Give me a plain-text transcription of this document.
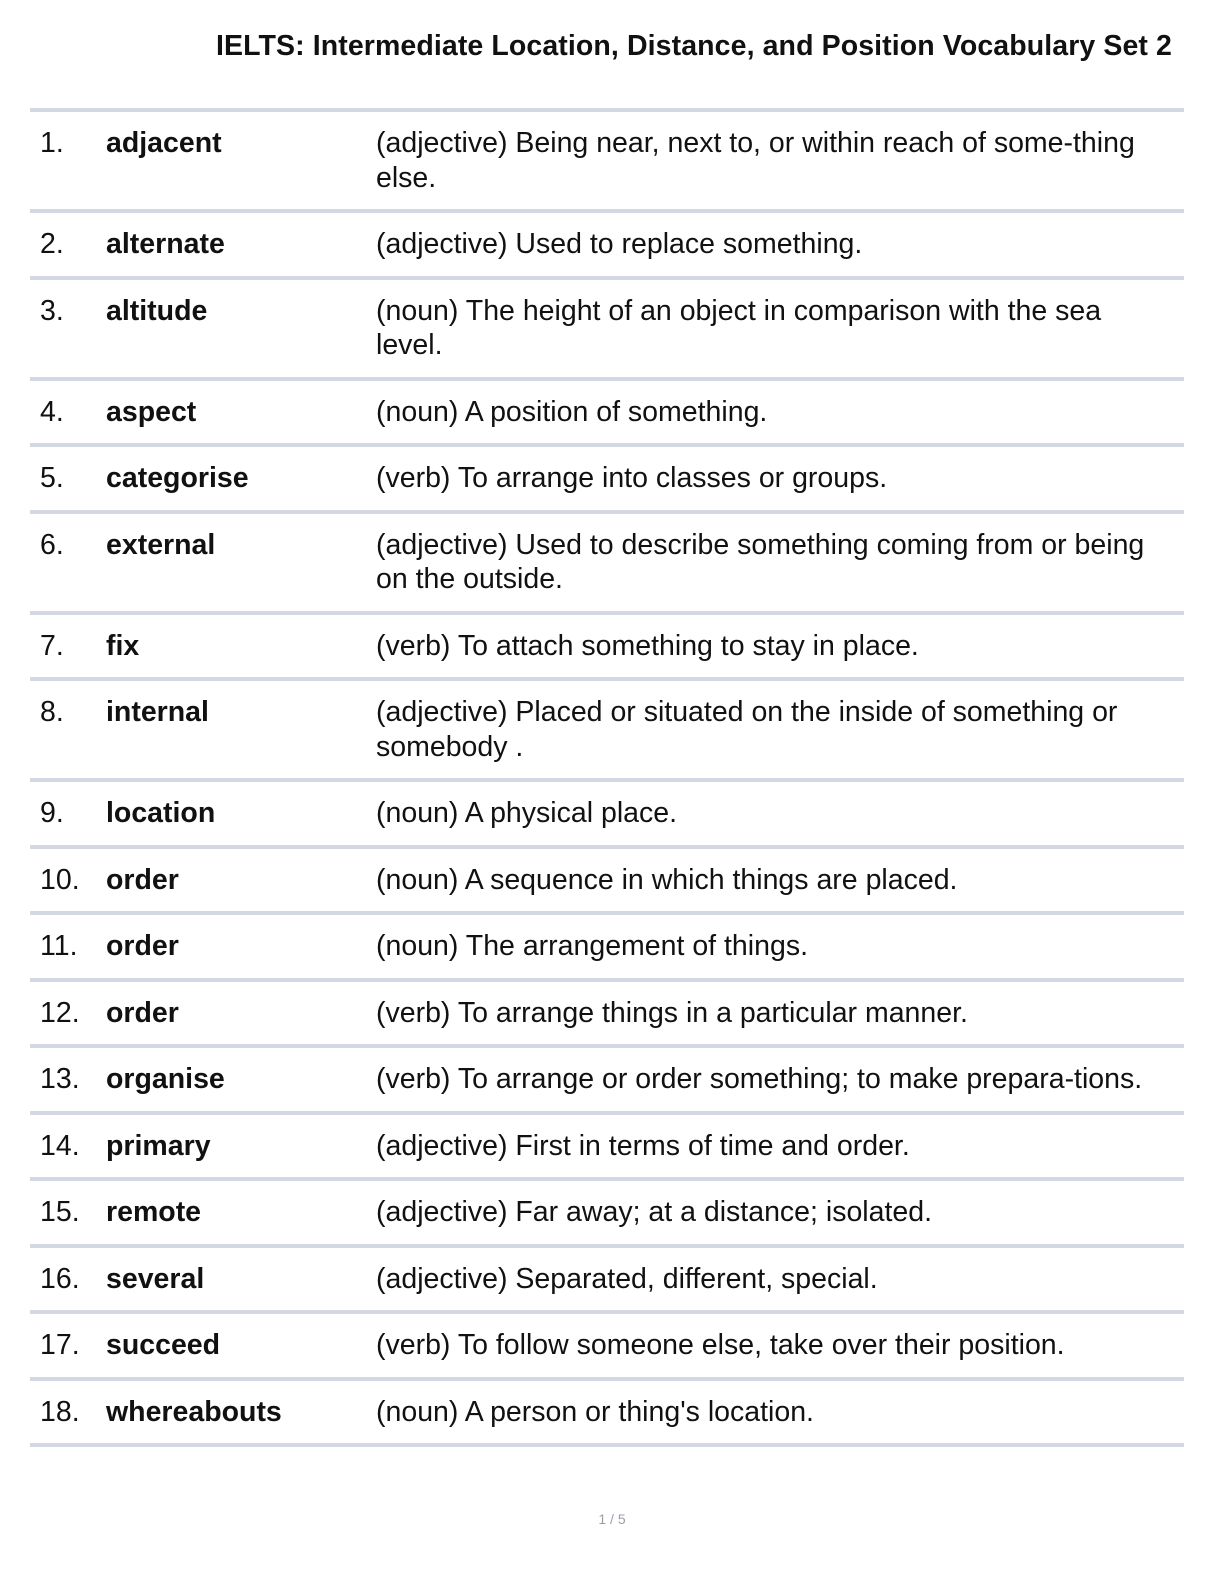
IELTS: Intermediate Location, Distance, and Position Vocabulary Set 2
1.	adjacent	(adjective) Being near, next to, or within reach of some-thing else.
2.	alternate	(adjective) Used to replace something.
3.	altitude	(noun) The height of an object in comparison with the sea level.
4.	aspect	(noun) A position of something.
5.	categorise	(verb) To arrange into classes or groups.
6.	external	(adjective) Used to describe something coming from or being on the outside.
7.	fix	(verb) To attach something to stay in place.
8.	internal	(adjective) Placed or situated on the inside of something or somebody .
9.	location	(noun) A physical place.
10.	order	(noun) A sequence in which things are placed.
11.	order	(noun) The arrangement of things.
12.	order	(verb) To arrange things in a particular manner.
13.	organise	(verb) To arrange or order something; to make prepara-tions.
14.	primary	(adjective) First in terms of time and order.
15.	remote	(adjective) Far away; at a distance; isolated.
16.	several	(adjective) Separated, different, special.
17.	succeed	(verb) To follow someone else, take over their position.
18.	whereabouts	(noun) A person or thing's location.
1 / 5
